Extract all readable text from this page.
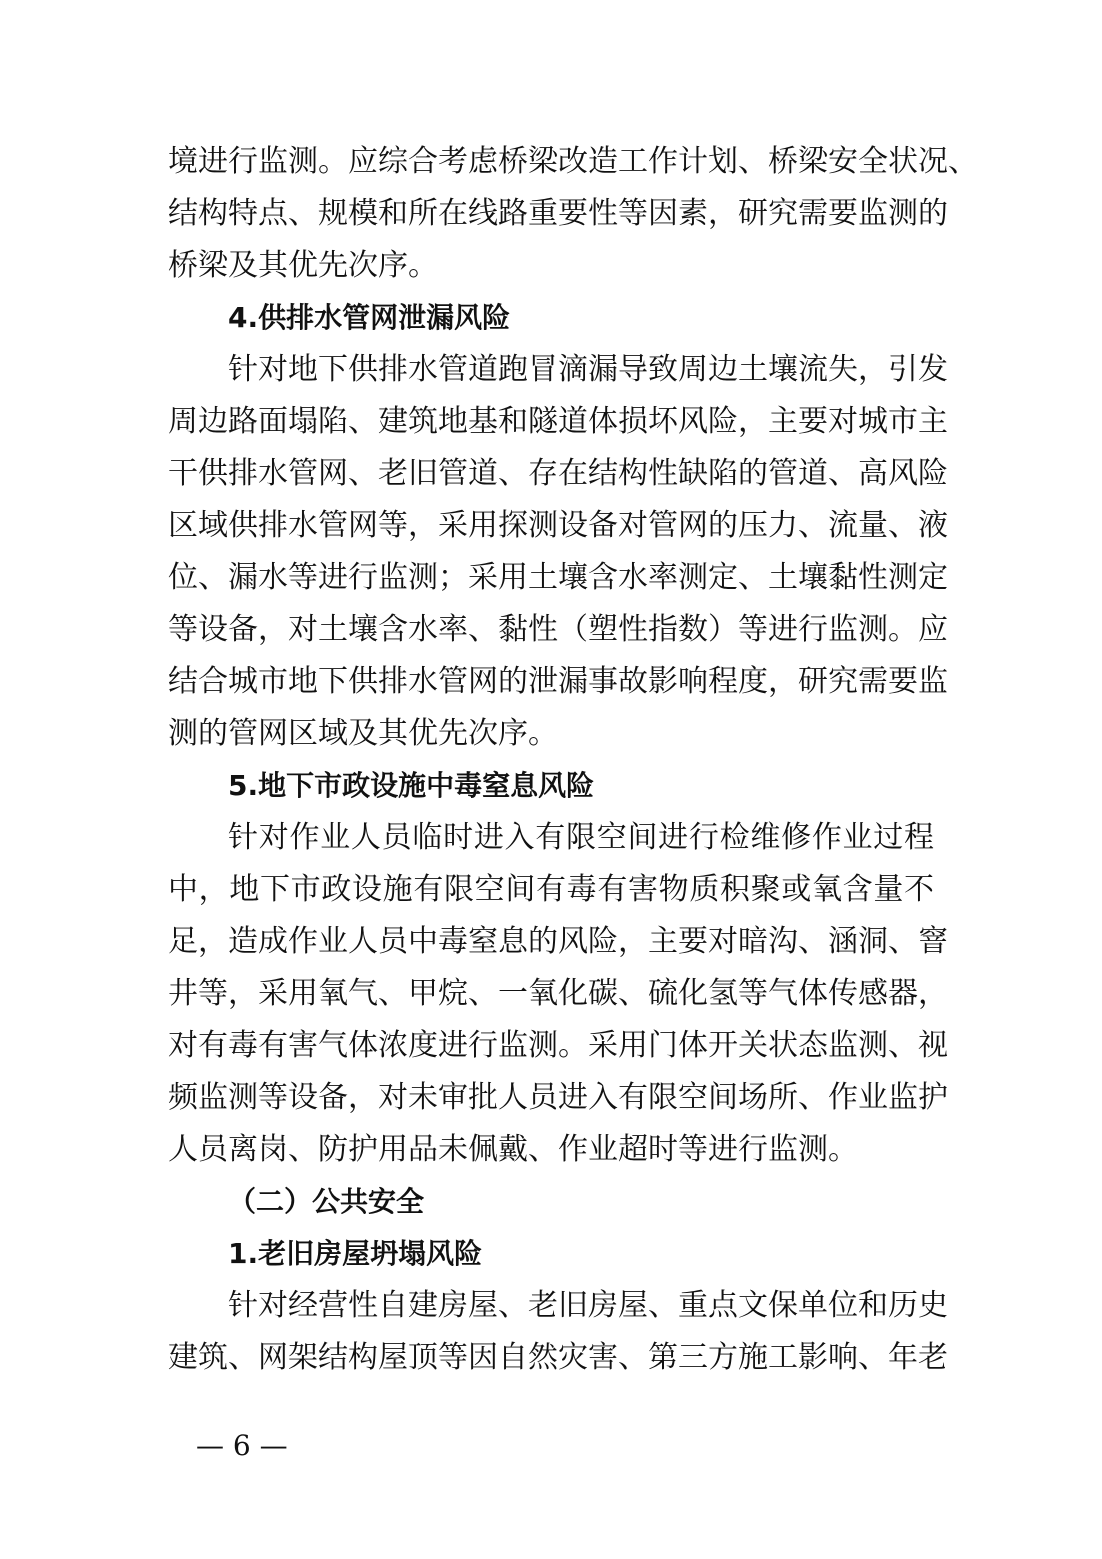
境进行监测。应综合考虑桥梁改造工作计划、桥梁安全状况、
结构特点、规模和所在线路重要性等因素，研究需要监测的
桥梁及其优先次序。
4.供排水管网泄漏风险
针对地下供排水管道跑冒滴漏导致周边土壤流失，引发
周边路面塌陷、建筑地基和隧道体损坏风险，主要对城市主
干供排水管网、老旧管道、存在结构性缺陷的管道、高风险
区域供排水管网等，采用探测设备对管网的压力、流量、液
位、漏水等进行监测；采用土壤含水率测定、土壤黏性测定
等设备，对土壤含水率、黏性（塑性指数）等进行监测。应
结合城市地下供排水管网的泄漏事故影响程度，研究需要监
测的管网区域及其优先次序。
5.地下市政设施中毒窒息风险
针对作业人员临时进入有限空间进行检维修作业过程
中，地下市政设施有限空间有毒有害物质积聚或氧含量不
足，造成作业人员中毒窒息的风险，主要对暗沟、涵洞、窨
井等，采用氧气、甲烷、一氧化碳、硫化氢等气体传感器，
对有毒有害气体浓度进行监测。采用门体开关状态监测、视
频监测等设备，对未审批人员进入有限空间场所、作业监护
人员离岗、防护用品未佩戴、作业超时等进行监测。
（二）公共安全
1.老旧房屋坍塌风险
针对经营性自建房屋、老旧房屋、重点文保单位和历史
建筑、网架结构屋顶等因自然灾害、第三方施工影响、年老
— 6 —
